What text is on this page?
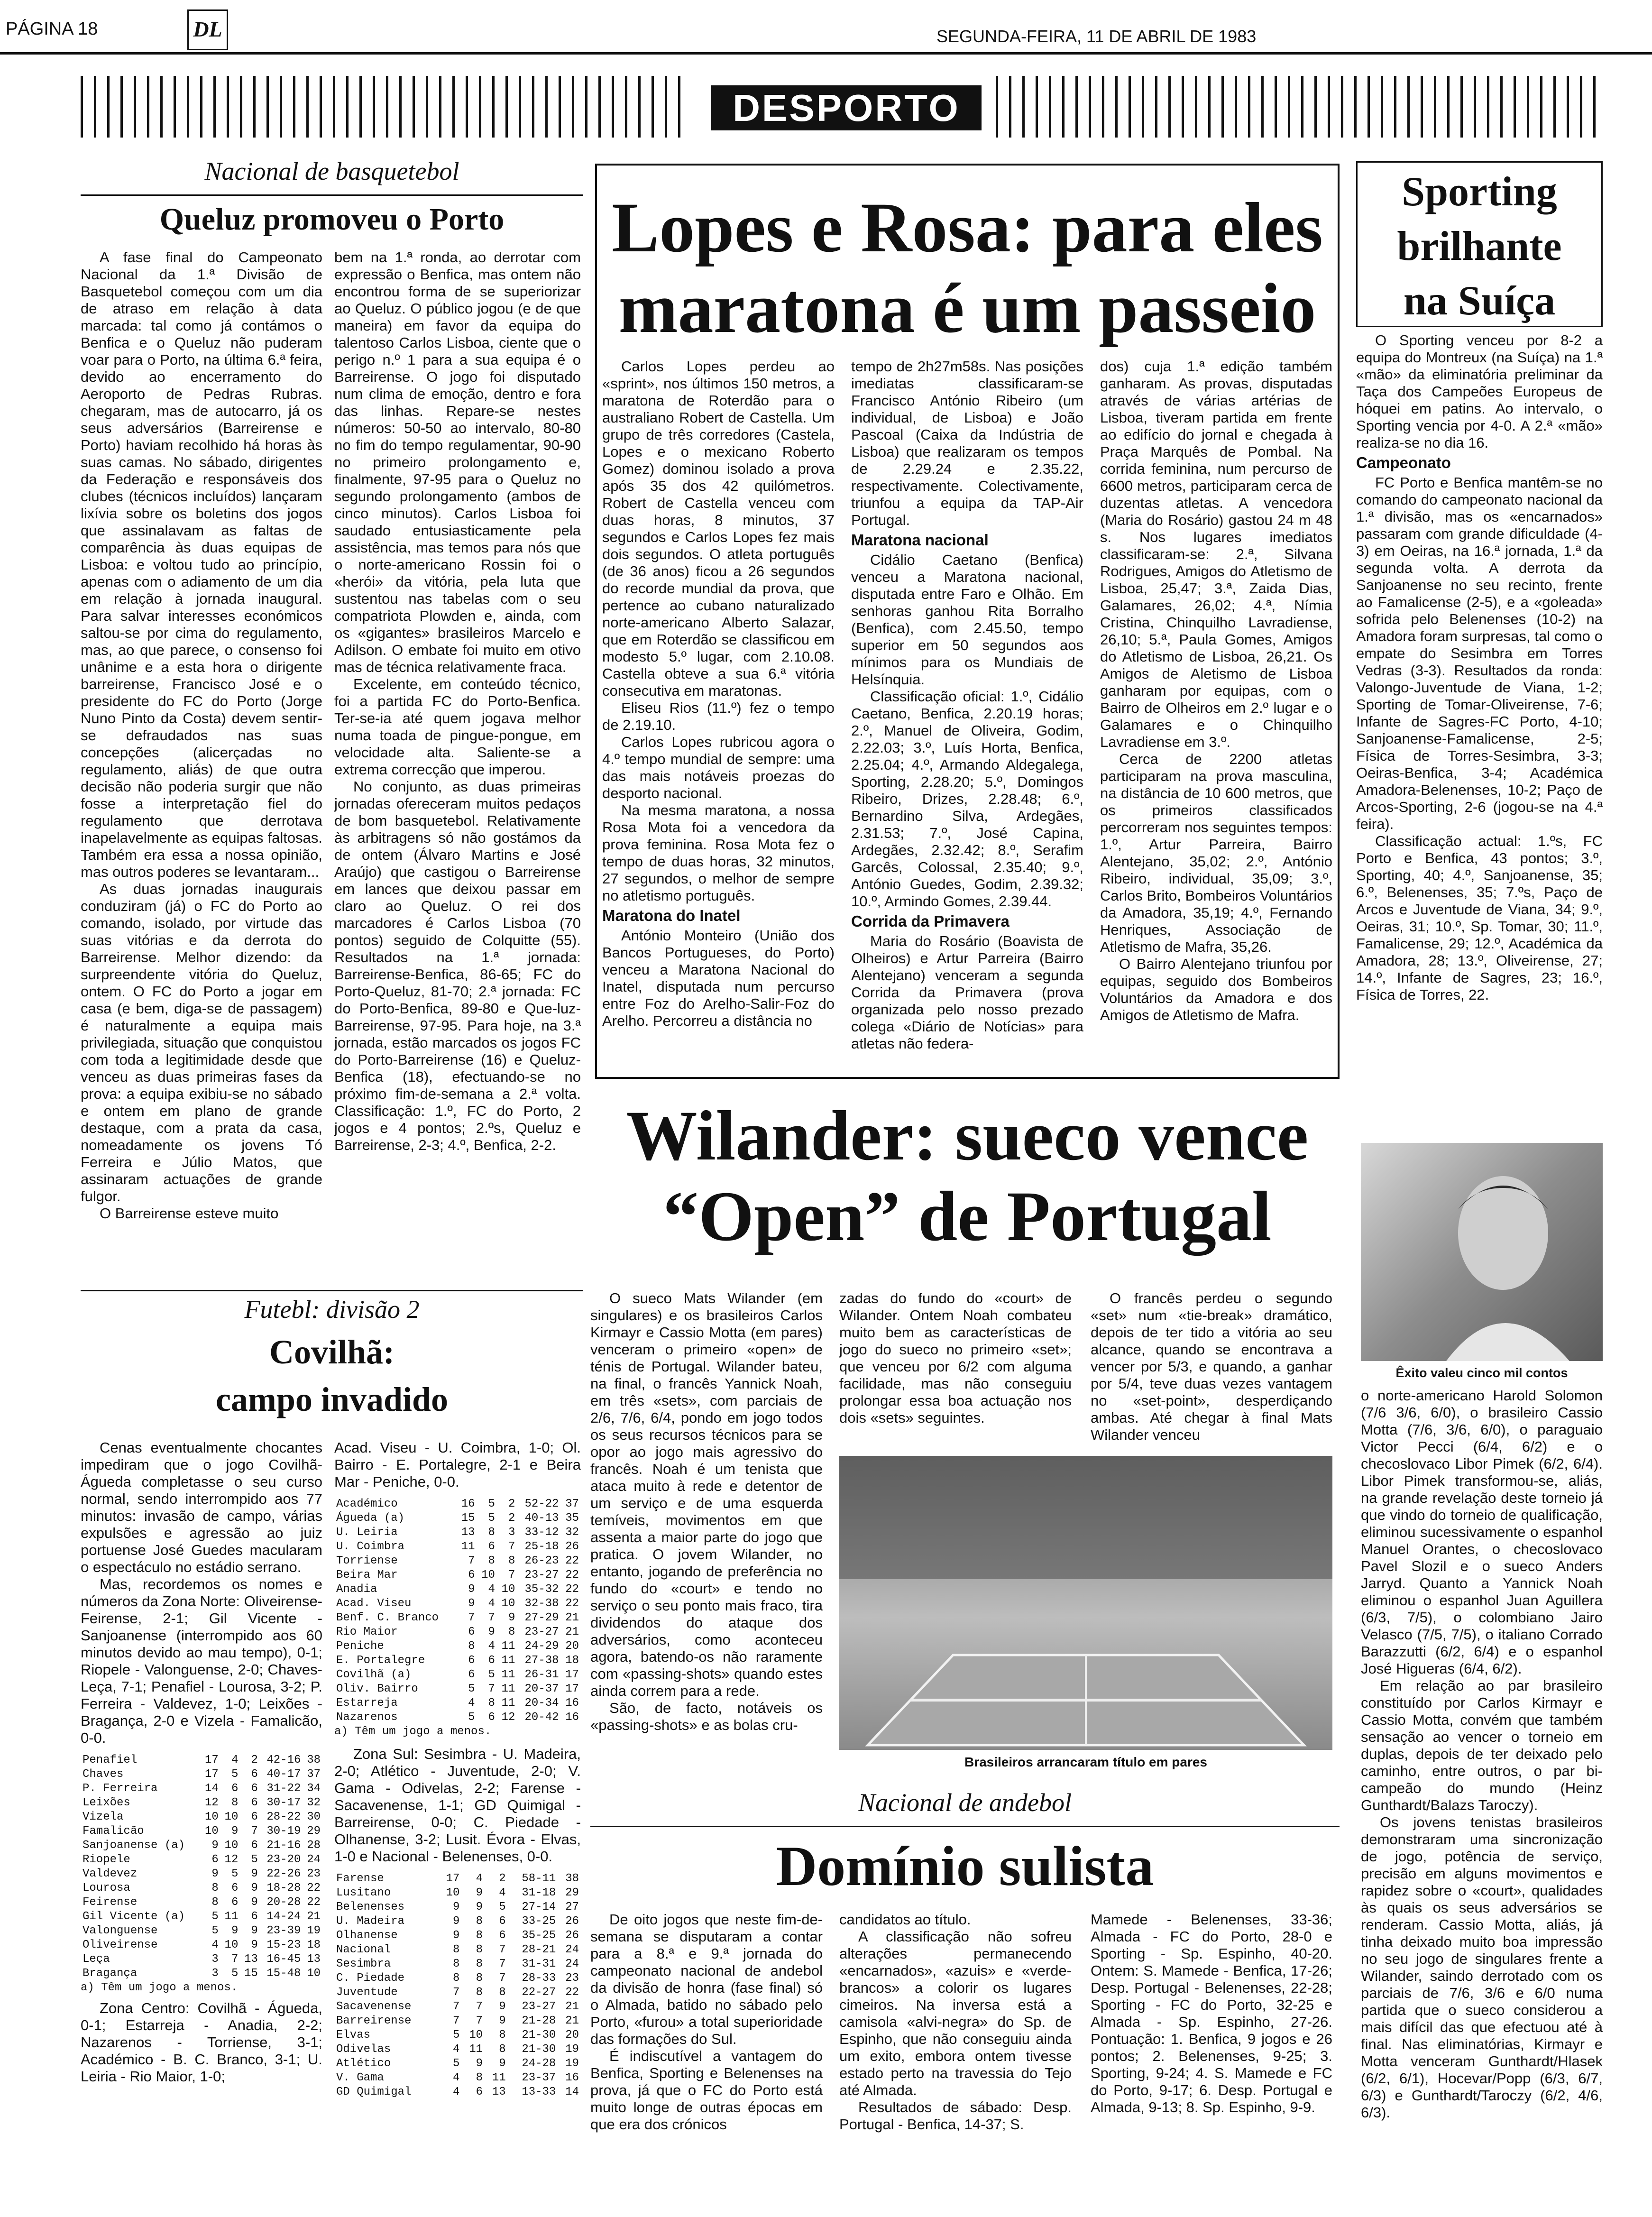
PÁGINA 18	DL	SEGUNDA-FEIRA, 11 DE ABRIL DE 1983
DESPORTO
Nacional de basquetebol
Queluz promoveu o Porto

A fase final do Campeonato Nacional da 1.ª Divisão de Basquetebol começou com um dia de atraso em relação à data marcada: tal como já contámos o Benfica e o Queluz não puderam voar para o Porto, na última 6.ª feira, devido ao encerramento do Aeroporto de Pedras Rubras. chegaram, mas de autocarro, já os seus adversários (Barreirense e Porto) haviam recolhido há horas às suas camas. No sábado, dirigentes da Federação e responsáveis dos clubes (técnicos incluídos) lançaram lixívia sobre os boletins dos jogos que assinalavam as faltas de comparência às duas equipas de Lisboa: e voltou tudo ao princípio, apenas com o adiamento de um dia em relação à jornada inaugural. Para salvar interesses económicos saltou-se por cima do regulamento, mas, ao que parece, o consenso foi unânime e a esta hora o dirigente barreirense, Francisco José e o presidente do FC do Porto (Jorge Nuno Pinto da Costa) devem sentir-se defraudados nas suas concepções (alicerçadas no regulamento, aliás) de que outra decisão não poderia surgir que não fosse a interpretação fiel do regulamento que derrotava inapelavelmente as equipas faltosas. Também era essa a nossa opinião, mas outros poderes se levantaram...

As duas jornadas inaugurais conduziram (já) o FC do Porto ao comando, isolado, por virtude das suas vitórias e da derrota do Barreirense. Melhor dizendo: da surpreendente vitória do Queluz, ontem. O FC do Porto a jogar em casa (e bem, diga-se de passagem) é naturalmente a equipa mais privilegiada, situação que conquistou com toda a legitimidade desde que venceu as duas primeiras fases da prova: a equipa exibiu-se no sábado e ontem em plano de grande destaque, com a prata da casa, nomeadamente os jovens Tó Ferreira e Júlio Matos, que assinaram actuações de grande fulgor.

O Barreirense esteve muito

bem na 1.ª ronda, ao derrotar com expressão o Benfica, mas ontem não encontrou forma de se superiorizar ao Queluz. O público jogou (e de que maneira) em favor da equipa do talentoso Carlos Lisboa, ciente que o perigo n.º 1 para a sua equipa é o Barreirense. O jogo foi disputado num clima de emoção, dentro e fora das linhas. Repare-se nestes números: 50-50 ao intervalo, 80-80 no fim do tempo regulamentar, 90-90 no primeiro prolongamento e, finalmente, 97-95 para o Queluz no segundo prolongamento (ambos de cinco minutos). Carlos Lisboa foi saudado entusiasticamente pela assistência, mas temos para nós que o norte-americano Rossin foi o «herói» da vitória, pela luta que sustentou nas tabelas com o seu compatriota Plowden e, ainda, com os «gigantes» brasileiros Marcelo e Adilson. O embate foi muito em otivo mas de técnica relativamente fraca.

Excelente, em conteúdo técnico, foi a partida FC do Porto-Benfica. Ter-se-ia até quem jogava melhor numa toada de pingue-pongue, em velocidade alta. Saliente-se a extrema correcção que imperou.

No conjunto, as duas primeiras jornadas ofereceram muitos pedaços de bom basquetebol. Relativamente às arbitragens só não gostámos da de ontem (Álvaro Martins e José Araújo) que castigou o Barreirense em lances que deixou passar em claro ao Queluz. O rei dos marcadores é Carlos Lisboa (70 pontos) seguido de Colquitte (55). Resultados na 1.ª jornada: Barreirense-Benfica, 86-65; FC do Porto-Queluz, 81-70; 2.ª jornada: FC do Porto-Benfica, 89-80 e Que-luz-Barreirense, 97-95. Para hoje, na 3.ª jornada, estão marcados os jogos FC do Porto-Barreirense (16) e Queluz-Benfica (18), efectuando-se no próximo fim-de-semana a 2.ª volta. Classificação: 1.º, FC do Porto, 2 jogos e 4 pontos; 2.ºs, Queluz e Barreirense, 2-3; 4.º, Benfica, 2-2.

Lopes e Rosa: para eles
maratona é um passeio

Carlos Lopes perdeu ao «sprint», nos últimos 150 metros, a maratona de Roterdão para o australiano Robert de Castella. Um grupo de três corredores (Castela, Lopes e o mexicano Roberto Gomez) dominou isolado a prova após 35 dos 42 quilómetros. Robert de Castella venceu com duas horas, 8 minutos, 37 segundos e Carlos Lopes fez mais dois segundos. O atleta português (de 36 anos) ficou a 26 segundos do recorde mundial da prova, que pertence ao cubano naturalizado norte-americano Alberto Salazar, que em Roterdão se classificou em modesto 5.º lugar, com 2.10.08. Castella obteve a sua 6.ª vitória consecutiva em maratonas.

Eliseu Rios (11.º) fez o tempo de 2.19.10.

Carlos Lopes rubricou agora o 4.º tempo mundial de sempre: uma das mais notáveis proezas do desporto nacional.

Na mesma maratona, a nossa Rosa Mota foi a vencedora da prova feminina. Rosa Mota fez o tempo de duas horas, 32 minutos, 27 segundos, o melhor de sempre no atletismo português.

Maratona do Inatel

António Monteiro (União dos Bancos Portugueses, do Porto) venceu a Maratona Nacional do Inatel, disputada num percurso entre Foz do Arelho-Salir-Foz do Arelho. Percorreu a distância no

tempo de 2h27m58s. Nas posições imediatas classificaram-se Francisco António Ribeiro (um individual, de Lisboa) e João Pascoal (Caixa da Indústria de Lisboa) que realizaram os tempos de 2.29.24 e 2.35.22, respectivamente. Colectivamente, triunfou a equipa da TAP-Air Portugal.

Maratona nacional

Cidálio Caetano (Benfica) venceu a Maratona nacional, disputada entre Faro e Olhão. Em senhoras ganhou Rita Borralho (Benfica), com 2.45.50, tempo superior em 50 segundos aos mínimos para os Mundiais de Helsínquia.

Classificação oficial: 1.º, Cidálio Caetano, Benfica, 2.20.19 horas; 2.º, Manuel de Oliveira, Godim, 2.22.03; 3.º, Luís Horta, Benfica, 2.25.04; 4.º, Armando Aldegalega, Sporting, 2.28.20; 5.º, Domingos Ribeiro, Drizes, 2.28.48; 6.º, Bernardino Silva, Ardegães, 2.31.53; 7.º, José Capina, Ardegães, 2.32.42; 8.º, Serafim Garcês, Colossal, 2.35.40; 9.º, António Guedes, Godim, 2.39.32; 10.º, Armindo Gomes, 2.39.44.

Corrida da Primavera

Maria do Rosário (Boavista de Olheiros) e Artur Parreira (Bairro Alentejano) venceram a segunda Corrida da Primavera (prova organizada pelo nosso prezado colega «Diário de Notícias» para atletas não federa-

dos) cuja 1.ª edição também ganharam. As provas, disputadas através de várias artérias de Lisboa, tiveram partida em frente ao edifício do jornal e chegada à Praça Marquês de Pombal. Na corrida feminina, num percurso de 6600 metros, participaram cerca de duzentas atletas. A vencedora (Maria do Rosário) gastou 24 m 48 s. Nos lugares imediatos classificaram-se: 2.ª, Silvana Rodrigues, Amigos do Atletismo de Lisboa, 25,47; 3.ª, Zaida Dias, Galamares, 26,02; 4.ª, Nímia Cristina, Chinquilho Lavradiense, 26,10; 5.ª, Paula Gomes, Amigos do Atletismo de Lisboa, 26,21. Os Amigos de Aletismo de Lisboa ganharam por equipas, com o Bairro de Olheiros em 2.º lugar e o Galamares e o Chinquilho Lavradiense em 3.º.

Cerca de 2200 atletas participaram na prova masculina, na distância de 10 600 metros, que os primeiros classificados percorreram nos seguintes tempos: 1.º, Artur Parreira, Bairro Alentejano, 35,02; 2.º, António Ribeiro, individual, 35,09; 3.º, Carlos Brito, Bombeiros Voluntários da Amadora, 35,19; 4.º, Fernando Henriques, Associação de Atletismo de Mafra, 35,26.

O Bairro Alentejano triunfou por equipas, seguido dos Bombeiros Voluntários da Amadora e dos Amigos de Atletismo de Mafra.

Sporting
brilhante
na Suíça

O Sporting venceu por 8-2 a equipa do Montreux (na Suíça) na 1.ª «mão» da eliminatória preliminar da Taça dos Campeões Europeus de hóquei em patins. Ao intervalo, o Sporting vencia por 4-0. A 2.ª «mão» realiza-se no dia 16.

Campeonato

FC Porto e Benfica mantêm-se no comando do campeonato nacional da 1.ª divisão, mas os «encarnados» passaram com grande dificuldade (4-3) em Oeiras, na 16.ª jornada, 1.ª da segunda volta. A derrota da Sanjoanense no seu recinto, frente ao Famalicense (2-5), e a «goleada» sofrida pelo Belenenses (10-2) na Amadora foram surpresas, tal como o empate do Sesimbra em Torres Vedras (3-3). Resultados da ronda: Valongo-Juventude de Viana, 1-2; Sporting de Tomar-Oliveirense, 7-6; Infante de Sagres-FC Porto, 4-10; Sanjoanense-Famalicense, 2-5; Física de Torres-Sesimbra, 3-3; Oeiras-Benfica, 3-4; Académica Amadora-Belenenses, 10-2; Paço de Arcos-Sporting, 2-6 (jogou-se na 4.ª feira).

Classificação actual: 1.ºs, FC Porto e Benfica, 43 pontos; 3.º, Sporting, 40; 4.º, Sanjoanense, 35; 6.º, Belenenses, 35; 7.ºs, Paço de Arcos e Juventude de Viana, 34; 9.º, Oeiras, 31; 10.º, Sp. Tomar, 30; 11.º, Famalicense, 29; 12.º, Académica da Amadora, 28; 13.º, Oliveirense, 27; 14.º, Infante de Sagres, 23; 16.º, Física de Torres, 22.

Wilander: sueco vence
“Open” de Portugal

O sueco Mats Wilander (em singulares) e os brasileiros Carlos Kirmayr e Cassio Motta (em pares) venceram o primeiro «open» de ténis de Portugal. Wilander bateu, na final, o francês Yannick Noah, em três «sets», com parciais de 2/6, 7/6, 6/4, pondo em jogo todos os seus recursos técnicos para se opor ao jogo mais agressivo do francês. Noah é um tenista que ataca muito à rede e detentor de um serviço e de uma esquerda temíveis, movimentos em que assenta a maior parte do jogo que pratica. O jovem Wilander, no entanto, jogando de preferência no fundo do «court» e tendo no serviço o seu ponto mais fraco, tira dividendos do ataque dos adversários, como aconteceu agora, batendo-os não raramente com «passing-shots» quando estes ainda correm para a rede.

São, de facto, notáveis os «passing-shots» e as bolas cru-

zadas do fundo do «court» de Wilander. Ontem Noah combateu muito bem as características de jogo do sueco no primeiro «set»; que venceu por 6/2 com alguma facilidade, mas não conseguiu prolongar essa boa actuação nos dois «sets» seguintes.

O francês perdeu o segundo «set» num «tie-break» dramático, depois de ter tido a vitória ao seu alcance, quando se encontrava a vencer por 5/3, e quando, a ganhar por 5/4, teve duas vezes vantagem no «set-point», desperdiçando ambas. Até chegar à final Mats Wilander venceu

Brasileiros arrancaram título em pares
Êxito valeu cinco mil contos

o norte-americano Harold Solomon (7/6 3/6, 6/0), o brasileiro Cassio Motta (7/6, 3/6, 6/0), o paraguaio Victor Pecci (6/4, 6/2) e o checoslovaco Libor Pimek (6/2, 6/4). Libor Pimek transformou-se, aliás, na grande revelação deste torneio já que vindo do torneio de qualificação, eliminou sucessivamente o espanhol Manuel Orantes, o checoslovaco Pavel Slozil e o sueco Anders Jarryd. Quanto a Yannick Noah eliminou o espanhol Juan Aguillera (6/3, 7/5), o colombiano Jairo Velasco (7/5, 7/5), o italiano Corrado Barazzutti (6/2, 6/4) e o espanhol José Higueras (6/4, 6/2).

Em relação ao par brasileiro constituído por Carlos Kirmayr e Cassio Motta, convém que também sensação ao vencer o torneio em duplas, depois de ter deixado pelo caminho, entre outros, o par bi-campeão do mundo (Heinz Gunthardt/Balazs Taroczy).

Os jovens tenistas brasileiros demonstraram uma sincronização de jogo, potência de serviço, precisão em alguns movimentos e rapidez sobre o «court», qualidades às quais os seus adversários se renderam. Cassio Motta, aliás, já tinha deixado muito boa impressão no seu jogo de singulares frente a Wilander, saindo derrotado com os parciais de 7/6, 3/6 e 6/0 numa partida que o sueco considerou a mais difícil das que efectuou até à final. Nas eliminatórias, Kirmayr e Motta venceram Gunthardt/Hlasek (6/2, 6/1), Hocevar/Popp (6/3, 6/7, 6/3) e Gunthardt/Taroczy (6/2, 4/6, 6/3).

Futebl: divisão 2
Covilhã:
campo invadido

Cenas eventualmente chocantes impediram que o jogo Covilhã-Águeda completasse o seu curso normal, sendo interrompido aos 77 minutos: invasão de campo, várias expulsões e agressão ao juiz portuense José Guedes macularam o espectáculo no estádio serrano.

Mas, recordemos os nomes e números da Zona Norte: Oliveirense-Feirense, 2-1; Gil Vicente - Sanjoanense (interrompido aos 60 minutos devido ao mau tempo), 0-1; Riopele - Valonguense, 2-0; Chaves-Leça, 7-1; Penafiel - Lourosa, 3-2; P. Ferreira - Valdevez, 1-0; Leixões - Bragança, 2-0 e Vizela - Famalicão, 0-0.

Penafiel	17	4	2	42-16	38
Chaves	17	5	6	40-17	37
P. Ferreira	14	6	6	31-22	34
Leixões	12	8	6	30-17	32
Vizela	10	10	6	28-22	30
Famalicão	10	9	7	30-19	29
Sanjoanense (a)	9	10	6	21-16	28
Riopele	6	12	5	23-20	24
Valdevez	9	5	9	22-26	23
Lourosa	8	6	9	18-28	22
Feirense	8	6	9	20-28	22
Gil Vicente (a)	5	11	6	14-24	21
Valonguense	5	9	9	23-39	19
Oliveirense	4	10	9	15-23	18
Leça	3	7	13	16-45	13
Bragança	3	5	15	15-48	10
a) Têm um jogo a menos.

Zona Centro: Covilhã - Águeda, 0-1; Estarreja - Anadia, 2-2; Nazarenos - Torriense, 3-1; Académico - B. C. Branco, 3-1; U. Leiria - Rio Maior, 1-0;

Acad. Viseu - U. Coimbra, 1-0; Ol. Bairro - E. Portalegre, 2-1 e Beira Mar - Peniche, 0-0.

Académico	16	5	2	52-22	37
Águeda (a)	15	5	2	40-13	35
U. Leiria	13	8	3	33-12	32
U. Coimbra	11	6	7	25-18	26
Torriense	7	8	8	26-23	22
Beira Mar	6	10	7	23-27	22
Anadia	9	4	10	35-32	22
Acad. Viseu	9	4	10	32-38	22
Benf. C. Branco	7	7	9	27-29	21
Rio Maior	6	9	8	23-27	21
Peniche	8	4	11	24-29	20
E. Portalegre	6	6	11	27-38	18
Covilhã (a)	6	5	11	26-31	17
Oliv. Bairro	5	7	11	20-37	17
Estarreja	4	8	11	20-34	16
Nazarenos	5	6	12	20-42	16
a) Têm um jogo a menos.

Zona Sul: Sesimbra - U. Madeira, 2-0; Atlético - Juventude, 2-0; V. Gama - Odivelas, 2-2; Farense - Sacavenense, 1-1; GD Quimigal - Barreirense, 0-0; C. Piedade - Olhanense, 3-2; Lusit. Évora - Elvas, 1-0 e Nacional - Belenenses, 0-0.

Farense	17	4	2	58-11	38
Lusitano	10	9	4	31-18	29
Belenenses	9	9	5	27-14	27
U. Madeira	9	8	6	33-25	26
Olhanense	9	8	6	35-25	26
Nacional	8	8	7	28-21	24
Sesimbra	8	8	7	31-31	24
C. Piedade	8	8	7	28-33	23
Juventude	7	8	8	22-27	22
Sacavenense	7	7	9	23-27	21
Barreirense	7	7	9	21-28	21
Elvas	5	10	8	21-30	20
Odivelas	4	11	8	21-30	19
Atlético	5	9	9	24-28	19
V. Gama	4	8	11	23-37	16
GD Quimigal	4	6	13	13-33	14
Nacional de andebol
Domínio sulista

De oito jogos que neste fim-de-semana se disputaram a contar para a 8.ª e 9.ª jornada do campeonato nacional de andebol da divisão de honra (fase final) só o Almada, batido no sábado pelo Porto, «furou» a total superioridade das formações do Sul.

É indiscutível a vantagem do Benfica, Sporting e Belenenses na prova, já que o FC do Porto está muito longe de outras épocas em que era dos crónicos

candidatos ao título.

A classificação não sofreu alterações permanecendo «encarnados», «azuis» e «verde-brancos» a colorir os lugares cimeiros. Na inversa está a camisola «alvi-negra» do Sp. de Espinho, que não conseguiu ainda um exito, embora ontem tivesse estado perto na travessia do Tejo até Almada.

Resultados de sábado: Desp. Portugal - Benfica, 14-37; S.

Mamede - Belenenses, 33-36; Almada - FC do Porto, 28-0 e Sporting - Sp. Espinho, 40-20. Ontem: S. Mamede - Benfica, 17-26; Desp. Portugal - Belenenses, 22-28; Sporting - FC do Porto, 32-25 e Almada - Sp. Espinho, 27-26. Pontuação: 1. Benfica, 9 jogos e 26 pontos; 2. Belenenses, 9-25; 3. Sporting, 9-24; 4. S. Mamede e FC do Porto, 9-17; 6. Desp. Portugal e Almada, 9-13; 8. Sp. Espinho, 9-9.
